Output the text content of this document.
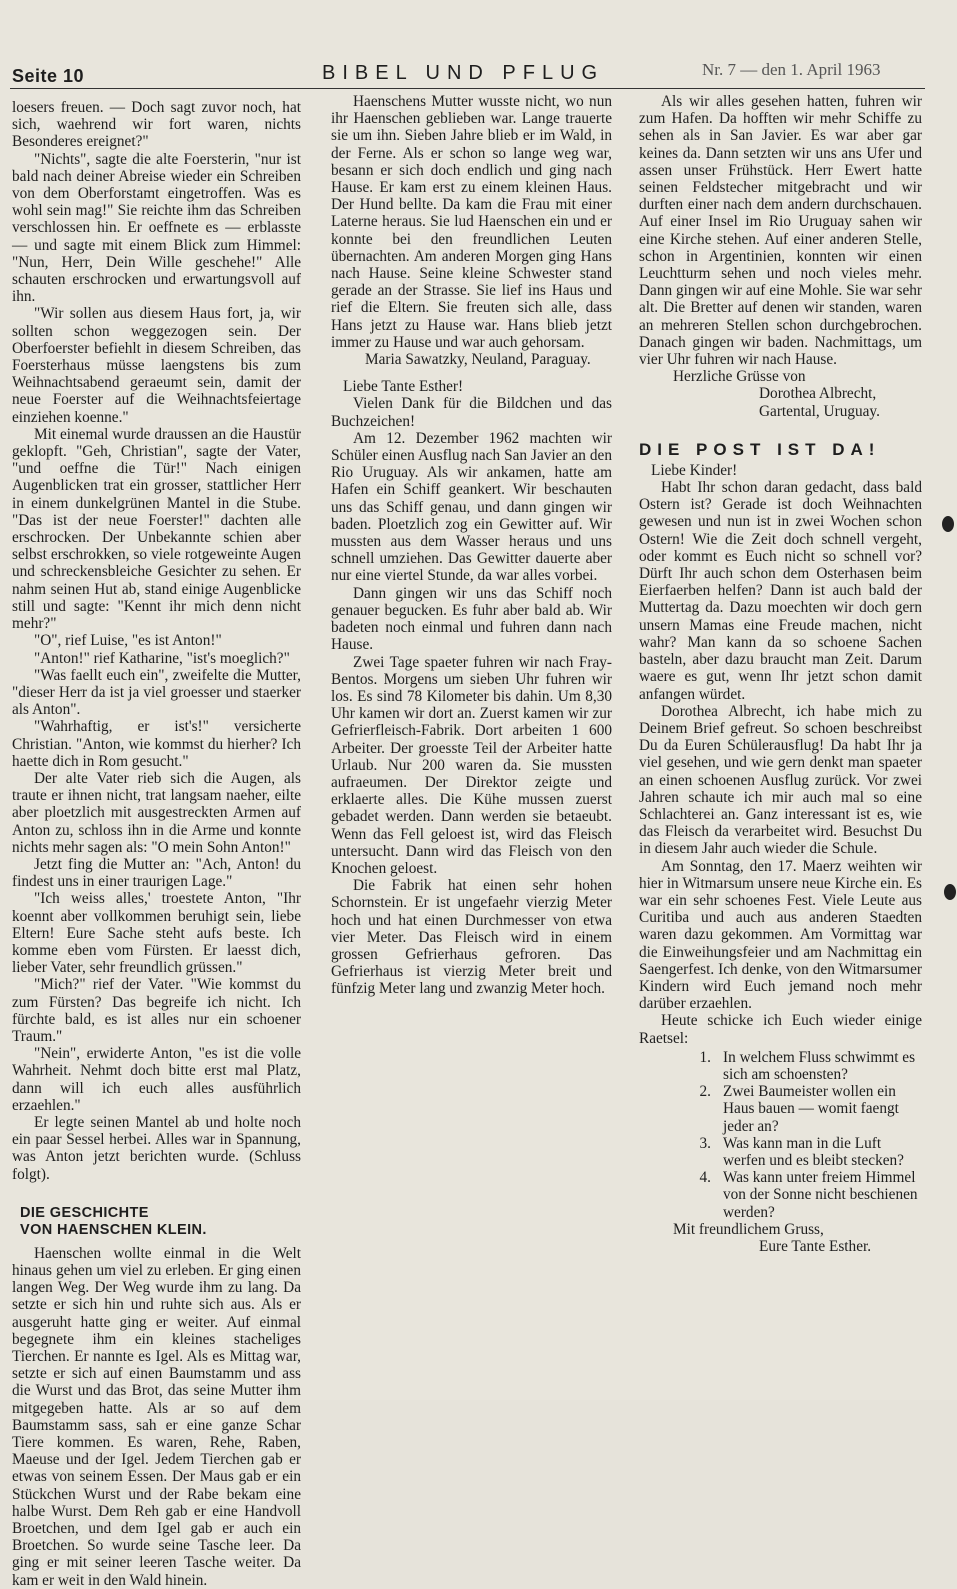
Seite 10	BIBEL UND PFLUG	Nr. 7 — den 1. April 1963

loesers freuen. — Doch sagt zuvor noch, hat sich, waehrend wir fort waren, nichts Besonderes ereignet?"

"Nichts", sagte die alte Foersterin, "nur ist bald nach deiner Abreise wieder ein Schreiben von dem Oberforstamt eingetroffen. Was es wohl sein mag!" Sie reichte ihm das Schreiben verschlossen hin. Er oeffnete es — erblasste — und sagte mit einem Blick zum Himmel: "Nun, Herr, Dein Wille geschehe!" Alle schauten erschrocken und erwartungsvoll auf ihn.

"Wir sollen aus diesem Haus fort, ja, wir sollten schon weggezogen sein. Der Oberfoerster befiehlt in diesem Schreiben, das Foersterhaus müsse laengstens bis zum Weihnachtsabend geraeumt sein, damit der neue Foerster auf die Weihnachtsfeiertage einziehen koenne."

Mit einemal wurde draussen an die Haustür geklopft. "Geh, Christian", sagte der Vater, "und oeffne die Tür!" Nach einigen Augenblicken trat ein grosser, stattlicher Herr in einem dunkelgrünen Mantel in die Stube. "Das ist der neue Foerster!" dachten alle erschrocken. Der Unbekannte schien aber selbst erschrokken, so viele rotgeweinte Augen und schreckensbleiche Gesichter zu sehen. Er nahm seinen Hut ab, stand einige Augenblicke still und sagte: "Kennt ihr mich denn nicht mehr?"

"O", rief Luise, "es ist Anton!"

"Anton!" rief Katharine, "ist's moeglich?"

"Was faellt euch ein", zweifelte die Mutter, "dieser Herr da ist ja viel groesser und staerker als Anton".

"Wahrhaftig, er ist's!" versicherte Christian. "Anton, wie kommst du hierher? Ich haette dich in Rom gesucht."

Der alte Vater rieb sich die Augen, als traute er ihnen nicht, trat langsam naeher, eilte aber ploetzlich mit ausgestreckten Armen auf Anton zu, schloss ihn in die Arme und konnte nichts mehr sagen als: "O mein Sohn Anton!"

Jetzt fing die Mutter an: "Ach, Anton! du findest uns in einer traurigen Lage."

"Ich weiss alles,' troestete Anton, "Ihr koennt aber vollkommen beruhigt sein, liebe Eltern! Eure Sache steht aufs beste. Ich komme eben vom Fürsten. Er laesst dich, lieber Vater, sehr freundlich grüssen."

"Mich?" rief der Vater. "Wie kommst du zum Fürsten? Das begreife ich nicht. Ich fürchte bald, es ist alles nur ein schoener Traum."

"Nein", erwiderte Anton, "es ist die volle Wahrheit. Nehmt doch bitte erst mal Platz, dann will ich euch alles ausführlich erzaehlen."

Er legte seinen Mantel ab und holte noch ein paar Sessel herbei. Alles war in Spannung, was Anton jetzt berichten wurde. (Schluss folgt).

DIE GESCHICHTE
VON HAENSCHEN KLEIN.

Haenschen wollte einmal in die Welt hinaus gehen um viel zu erleben. Er ging einen langen Weg. Der Weg wurde ihm zu lang. Da setzte er sich hin und ruhte sich aus. Als er ausgeruht hatte ging er weiter. Auf einmal begegnete ihm ein kleines stacheliges Tierchen. Er nannte es Igel. Als es Mittag war, setzte er sich auf einen Baumstamm und ass die Wurst und das Brot, das seine Mutter ihm mitgegeben hatte. Als ar so auf dem Baumstamm sass, sah er eine ganze Schar Tiere kommen. Es waren, Rehe, Raben, Maeuse und der Igel. Jedem Tierchen gab er etwas von seinem Essen. Der Maus gab er ein Stückchen Wurst und der Rabe bekam eine halbe Wurst. Dem Reh gab er eine Handvoll Broetchen, und dem Igel gab er auch ein Broetchen. So wurde seine Tasche leer. Da ging er mit seiner leeren Tasche weiter. Da kam er weit in den Wald hinein.

Haenschens Mutter wusste nicht, wo nun ihr Haenschen geblieben war. Lange trauerte sie um ihn. Sieben Jahre blieb er im Wald, in der Ferne. Als er schon so lange weg war, besann er sich doch endlich und ging nach Hause. Er kam erst zu einem kleinen Haus. Der Hund bellte. Da kam die Frau mit einer Laterne heraus. Sie lud Haenschen ein und er konnte bei den freundlichen Leuten übernachten. Am anderen Morgen ging Hans nach Hause. Seine kleine Schwester stand gerade an der Strasse. Sie lief ins Haus und rief die Eltern. Sie freuten sich alle, dass Hans jetzt zu Hause war. Hans blieb jetzt immer zu Hause und war auch gehorsam.

Maria Sawatzky, Neuland, Paraguay.

Liebe Tante Esther!

Vielen Dank für die Bildchen und das Buchzeichen!

Am 12. Dezember 1962 machten wir Schüler einen Ausflug nach San Javier an den Rio Uruguay. Als wir ankamen, hatte am Hafen ein Schiff geankert. Wir beschauten uns das Schiff genau, und dann gingen wir baden. Ploetzlich zog ein Gewitter auf. Wir mussten aus dem Wasser heraus und uns schnell umziehen. Das Gewitter dauerte aber nur eine viertel Stunde, da war alles vorbei.

Dann gingen wir uns das Schiff noch genauer begucken. Es fuhr aber bald ab. Wir badeten noch einmal und fuhren dann nach Hause.

Zwei Tage spaeter fuhren wir nach Fray-Bentos. Morgens um sieben Uhr fuhren wir los. Es sind 78 Kilometer bis dahin. Um 8,30 Uhr kamen wir dort an. Zuerst kamen wir zur Gefrierfleisch-Fabrik. Dort arbeiten 1 600 Arbeiter. Der groesste Teil der Arbeiter hatte Urlaub. Nur 200 waren da. Sie mussten aufraeumen. Der Direktor zeigte und erklaerte alles. Die Kühe mussen zuerst gebadet werden. Dann werden sie betaeubt. Wenn das Fell geloest ist, wird das Fleisch untersucht. Dann wird das Fleisch von den Knochen geloest.

Die Fabrik hat einen sehr hohen Schornstein. Er ist ungefaehr vierzig Meter hoch und hat einen Durchmesser von etwa vier Meter. Das Fleisch wird in einem grossen Gefrierhaus gefroren. Das Gefrierhaus ist vierzig Meter breit und fünfzig Meter lang und zwanzig Meter hoch.

Als wir alles gesehen hatten, fuhren wir zum Hafen. Da hofften wir mehr Schiffe zu sehen als in San Javier. Es war aber gar keines da. Dann setzten wir uns ans Ufer und assen unser Frühstück. Herr Ewert hatte seinen Feldstecher mitgebracht und wir durften einer nach dem andern durchschauen. Auf einer Insel im Rio Uruguay sahen wir eine Kirche stehen. Auf einer anderen Stelle, schon in Argentinien, konnten wir einen Leuchtturm sehen und noch vieles mehr. Dann gingen wir auf eine Mohle. Sie war sehr alt. Die Bretter auf denen wir standen, waren an mehreren Stellen schon durchgebrochen. Danach gingen wir baden. Nachmittags, um vier Uhr fuhren wir nach Hause.

Herzliche Grüsse von

Dorothea Albrecht,

Gartental, Uruguay.

DIE POST IST DA!

Liebe Kinder!

Habt Ihr schon daran gedacht, dass bald Ostern ist? Gerade ist doch Weihnachten gewesen und nun ist in zwei Wochen schon Ostern! Wie die Zeit doch schnell vergeht, oder kommt es Euch nicht so schnell vor? Dürft Ihr auch schon dem Osterhasen beim Eierfaerben helfen? Dann ist auch bald der Muttertag da. Dazu moechten wir doch gern unsern Mamas eine Freude machen, nicht wahr? Man kann da so schoene Sachen basteln, aber dazu braucht man Zeit. Darum waere es gut, wenn Ihr jetzt schon damit anfangen würdet.

Dorothea Albrecht, ich habe mich zu Deinem Brief gefreut. So schoen beschreibst Du da Euren Schülerausflug! Da habt Ihr ja viel gesehen, und wie gern denkt man spaeter an einen schoenen Ausflug zurück. Vor zwei Jahren schaute ich mir auch mal so eine Schlachterei an. Ganz interessant ist es, wie das Fleisch da verarbeitet wird. Besuchst Du in diesem Jahr auch wieder die Schule.

Am Sonntag, den 17. Maerz weihten wir hier in Witmarsum unsere neue Kirche ein. Es war ein sehr schoenes Fest. Viele Leute aus Curitiba und auch aus anderen Staedten waren dazu gekommen. Am Vormittag war die Einweihungsfeier und am Nachmittag ein Saengerfest. Ich denke, von den Witmarsumer Kindern wird Euch jemand noch mehr darüber erzaehlen.

Heute schicke ich Euch wieder einige Raetsel:

1. In welchem Fluss schwimmt es sich am schoensten?
2. Zwei Baumeister wollen ein Haus bauen — womit faengt jeder an?
3. Was kann man in die Luft werfen und es bleibt stecken?
4. Was kann unter freiem Himmel von der Sonne nicht beschienen werden?

Mit freundlichem Gruss,

Eure Tante Esther.
